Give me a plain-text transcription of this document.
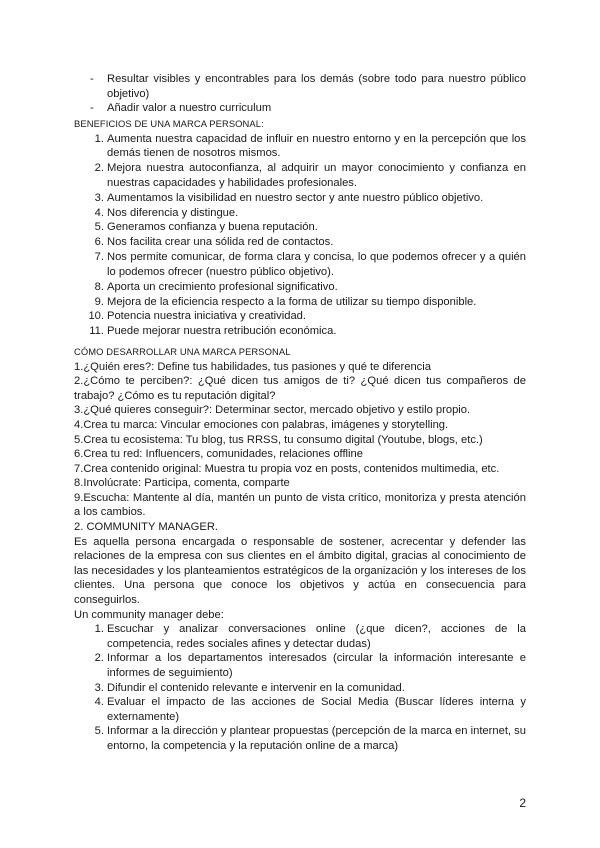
- Resultar visibles y encontrables para los demás (sobre todo para nuestro público objetivo)
- Añadir valor a nuestro curriculum
BENEFICIOS DE UNA MARCA PERSONAL:
1. Aumenta nuestra capacidad de influir en nuestro entorno y en la percepción que los demás tienen de nosotros mismos.
2. Mejora nuestra autoconfianza, al adquirir un mayor conocimiento y confianza en nuestras capacidades y habilidades profesionales.
3. Aumentamos la visibilidad en nuestro sector y ante nuestro público objetivo.
4. Nos diferencia y distingue.
5. Generamos confianza y buena reputación.
6. Nos facilita crear una sólida red de contactos.
7. Nos permite comunicar, de forma clara y concisa, lo que podemos ofrecer y a quién lo podemos ofrecer (nuestro público objetivo).
8. Aporta un crecimiento profesional significativo.
9. Mejora de la eficiencia respecto a la forma de utilizar su tiempo disponible.
10. Potencia nuestra iniciativa y creatividad.
11. Puede mejorar nuestra retribución económica.
CÓMO DESARROLLAR UNA MARCA PERSONAL

1.¿Quién eres?: Define tus habilidades, tus pasiones y qué te diferencia

2.¿Cómo te perciben?: ¿Qué dicen tus amigos de ti? ¿Qué dicen tus compañeros de trabajo? ¿Cómo es tu reputación digital?

3.¿Qué quieres conseguir?: Determinar sector, mercado objetivo y estilo propio.

4.Crea tu marca: Vincular emociones con palabras, imágenes y storytelling.

5.Crea tu ecosistema: Tu blog, tus RRSS, tu consumo digital (Youtube, blogs, etc.)

6.Crea tu red: Influencers, comunidades, relaciones offline

7.Crea contenido original: Muestra tu propia voz en posts, contenidos multimedia, etc.

8.Involúcrate: Participa, comenta, comparte

9.Escucha: Mantente al día, mantén un punto de vista crítico, monitoriza y presta atención a los cambios.

2. COMMUNITY MANAGER.

Es aquella persona encargada o responsable de sostener, acrecentar y defender las relaciones de la empresa con sus clientes en el ámbito digital, gracias al conocimiento de las necesidades y los planteamientos estratégicos de la organización y los intereses de los clientes. Una persona que conoce los objetivos y actúa en consecuencia para conseguirlos.

Un community manager debe:

1. Escuchar y analizar conversaciones online (¿que dicen?, acciones de la competencia, redes sociales afines y detectar dudas)
2. Informar a los departamentos interesados (circular la información interesante e informes de seguimiento)
3. Difundir el contenido relevante e intervenir en la comunidad.
4. Evaluar el impacto de las acciones de Social Media (Buscar líderes interna y externamente)
5. Informar a la dirección y plantear propuestas (percepción de la marca en internet, su entorno, la competencia y la reputación online de a marca)
2
